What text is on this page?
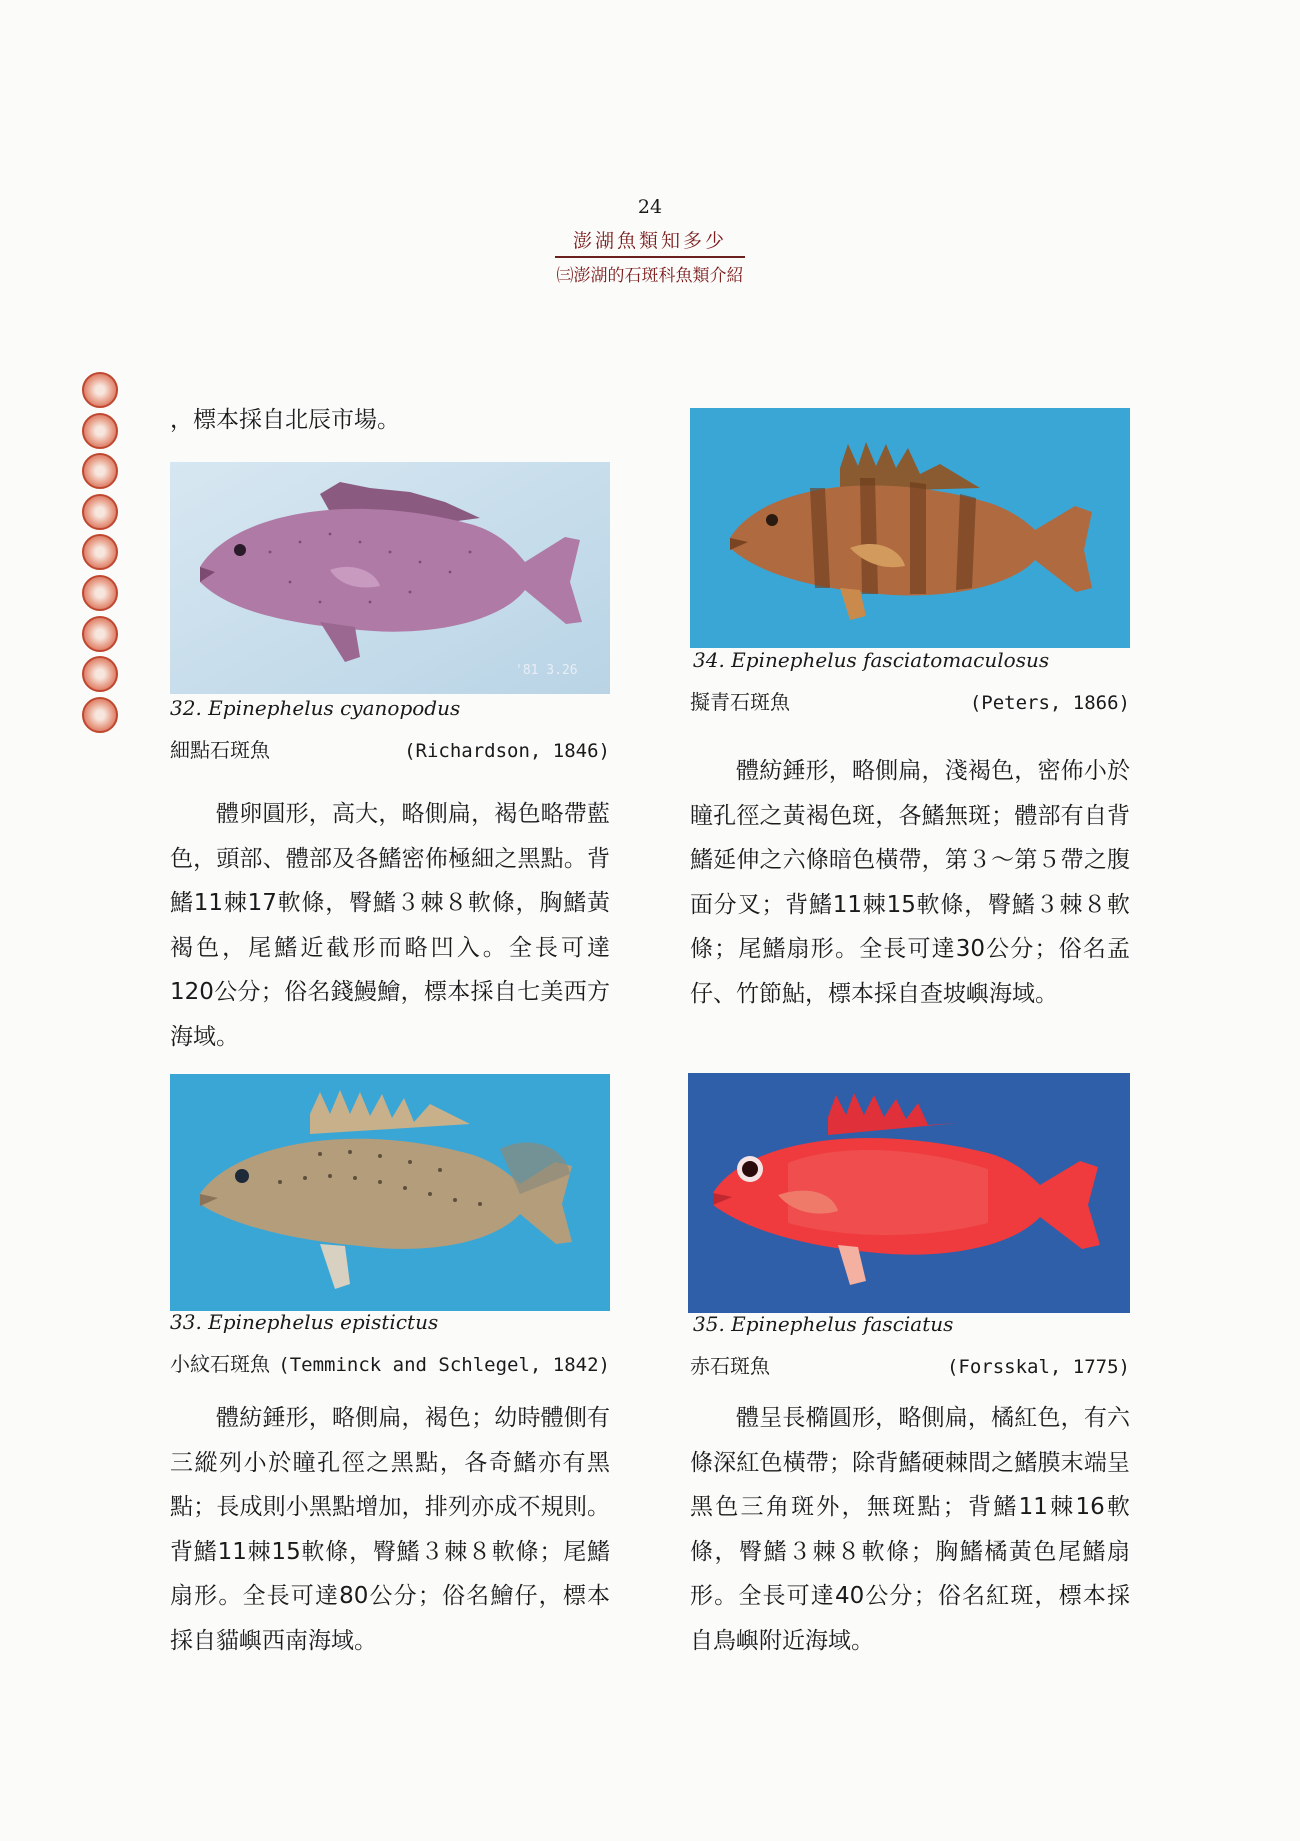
24
澎湖魚類知多少
㈢澎湖的石斑科魚類介紹
，標本採自北辰市場。
'81 3.26
32. Epinephelus cyanopodus
細點石斑魚	(Richardson, 1846)
體卵圓形，高大，略側扁，褐色略帶藍色，頭部、體部及各鰭密佈極細之黑點。背鰭11棘17軟條，臀鰭３棘８軟條，胸鰭黃褐色，尾鰭近截形而略凹入。全長可達 120公分；俗名錢鰻鱠，標本採自七美西方海域。
33. Epinephelus epistictus
小紋石斑魚 (Temminck and Schlegel, 1842)
體紡錘形，略側扁，褐色；幼時體側有三縱列小於瞳孔徑之黑點，各奇鰭亦有黑點；長成則小黑點增加，排列亦成不規則。背鰭11棘15軟條，臀鰭３棘８軟條；尾鰭扇形。全長可達80公分；俗名鱠仔，標本採自貓嶼西南海域。
34. Epinephelus fasciatomaculosus
擬青石斑魚	(Peters, 1866)
體紡錘形，略側扁，淺褐色，密佈小於瞳孔徑之黃褐色斑，各鰭無斑；體部有自背鰭延伸之六條暗色橫帶，第３～第５帶之腹面分叉；背鰭11棘15軟條，臀鰭３棘８軟條；尾鰭扇形。全長可達30公分；俗名孟仔、竹節鮎，標本採自查坡嶼海域。
35. Epinephelus fasciatus
赤石斑魚	(Forsskal, 1775)
體呈長橢圓形，略側扁，橘紅色，有六條深紅色橫帶；除背鰭硬棘間之鰭膜末端呈黑色三角斑外，無斑點；背鰭11棘16軟條，臀鰭３棘８軟條；胸鰭橘黃色尾鰭扇形。全長可達40公分；俗名紅斑，標本採自鳥嶼附近海域。
